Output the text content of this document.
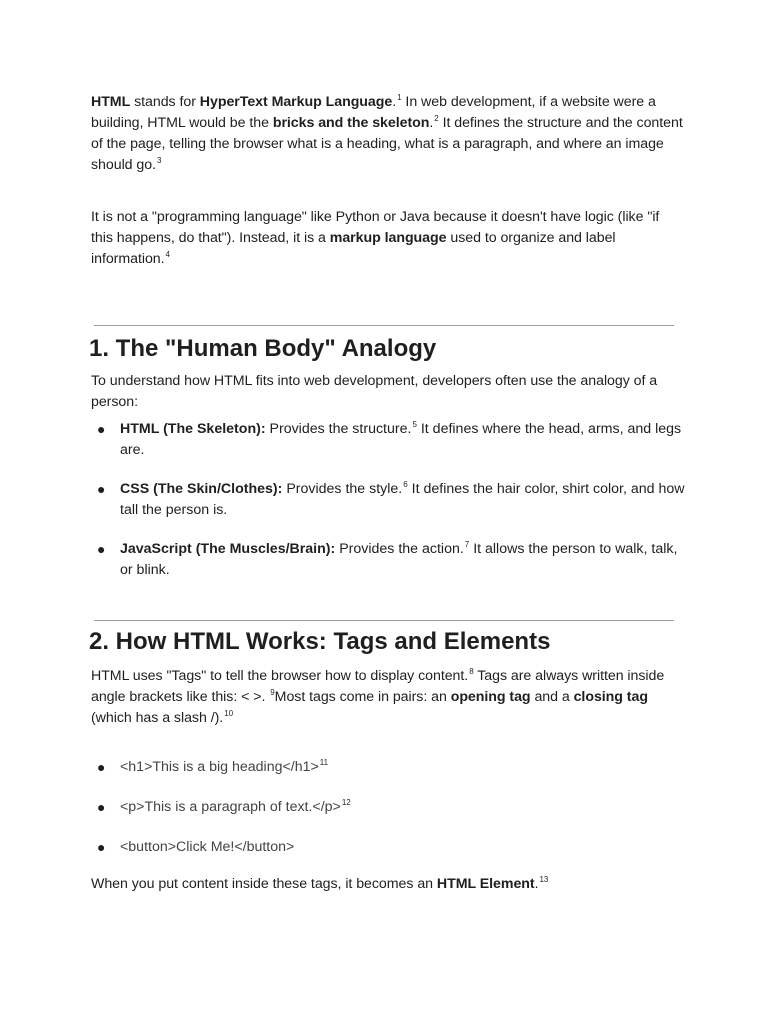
HTML stands for HyperText Markup Language.$^1$ In web development, if a website were a building, HTML would be the bricks and the skeleton.$^2$ It defines the structure and the content of the page, telling the browser what is a heading, what is a paragraph, and where an image should go.$^3$

It is not a "programming language" like Python or Java because it doesn't have logic (like "if this happens, do that"). Instead, it is a markup language used to organize and label information.$^4$

1. The "Human Body" Analogy

To understand how HTML fits into web development, developers often use the analogy of a person:

● HTML (The Skeleton): Provides the structure.$^5$ It defines where the head, arms, and legs are.
● CSS (The Skin/Clothes): Provides the style.$^6$ It defines the hair color, shirt color, and how tall the person is.
● JavaScript (The Muscles/Brain): Provides the action.$^7$ It allows the person to walk, talk, or blink.
2. How HTML Works: Tags and Elements

HTML uses "Tags" to tell the browser how to display content.$^8$ Tags are always written inside angle brackets like this: < >. $^9$Most tags come in pairs: an opening tag and a closing tag (which has a slash /).$^{10}$

● <h1>This is a big heading</h1>$^{11}$
● <p>This is a paragraph of text.</p>$^{12}$
● <button>Click Me!</button>

When you put content inside these tags, it becomes an HTML Element.$^{13}$
